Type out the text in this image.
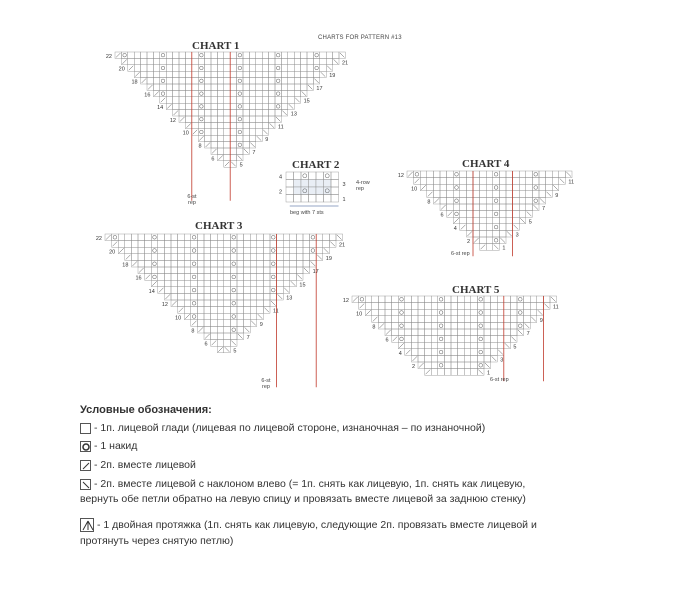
CHARTS FOR PATTERN #13
CHART 1
CHART 2	CHART 4
CHART 3
CHART 5
22
21
20
19
18
17
16
15
14
13
12
11
10
9
8
7
6
5
4
3
2
1
12
11
10
9
8
7
6
5
4
3
2
1
22
21
20
19
18
17
16
15
14
13
12
11
10
9
8
7
6
5
12
11
10
9
8
7
6
5
4
3
2
1
beg with 7 sts
4-row rep
6-st rep
6-st rep
6-st rep
6-st rep
Условные обозначения:
- 1п. лицевой глади (лицевая по лицевой стороне, изнаночная – по изнаночной)
- 1 накид
- 2п. вместе лицевой
- 2п. вместе лицевой с наклоном влево (= 1п. снять как лицевую, 1п. снять как лицевую,
вернуть обе петли обратно на левую спицу и провязать вместе лицевой за заднюю стенку)
- 1 двойная протяжка (1п. снять как лицевую, следующие 2п. провязать вместе лицевой и
протянуть через снятую петлю)
